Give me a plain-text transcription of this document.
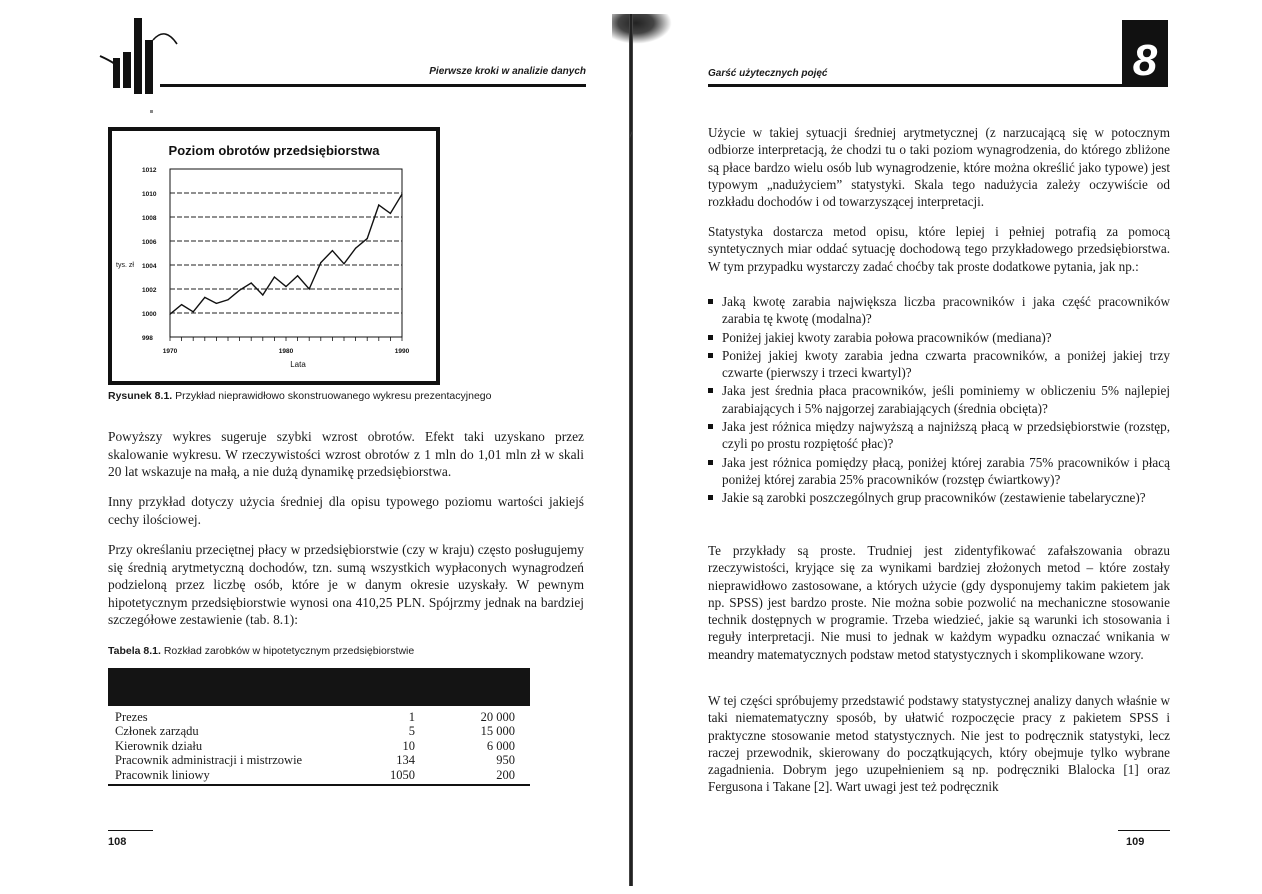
Pierwsze kroki w analizie danych
Poziom obrotów przedsiębiorstwa
998
1000
1002
1004
1006
1008
1010
1012
1970	1980	1990
tys. zł
Lata
Rysunek 8.1. Przykład nieprawidłowo skonstruowanego wykresu prezentacyjnego

Powyższy wykres sugeruje szybki wzrost obrotów. Efekt taki uzyskano przez skalowanie wykresu. W rzeczywistości wzrost obrotów z 1 mln do 1,01 mln zł w skali 20 lat wskazuje na małą, a nie dużą dynamikę przedsiębiorstwa.

Inny przykład dotyczy użycia średniej dla opisu typowego poziomu wartości jakiejś cechy ilościowej.

Przy określaniu przeciętnej płacy w przedsiębiorstwie (czy w kraju) często posługujemy się średnią arytmetyczną dochodów, tzn. sumą wszystkich wypłaconych wynagrodzeń podzieloną przez liczbę osób, które je w danym okresie uzyskały. W pewnym hipotetycznym przedsiębiorstwie wynosi ona 410,25 PLN. Spójrzmy jednak na bardziej szczegółowe zestawienie (tab. 8.1):

Tabela 8.1. Rozkład zarobków w hipotetycznym przedsiębiorstwie
Prezes	1	20 000
Członek zarządu	5	15 000
Kierownik działu	10	6 000
Pracownik administracji i mistrzowie	134	950
Pracownik liniowy	1050	200
108
/
Garść użytecznych pojęć	8

Użycie w takiej sytuacji średniej arytmetycznej (z narzucającą się w potocznym odbiorze interpretacją, że chodzi tu o taki poziom wynagrodzenia, do którego zbliżone są płace bardzo wielu osób lub wynagrodzenie, które można określić jako typowe) jest typowym „nadużyciem” statystyki. Skala tego nadużycia zależy oczywiście od rozkładu dochodów i od towarzyszącej interpretacji.

Statystyka dostarcza metod opisu, które lepiej i pełniej potrafią za pomocą syntetycznych miar oddać sytuację dochodową tego przykładowego przedsiębiorstwa. W tym przypadku wystarczy zadać choćby tak proste dodatkowe pytania, jak np.:

Jaką kwotę zarabia największa liczba pracowników i jaka część pracowników zarabia tę kwotę (modalna)?
Poniżej jakiej kwoty zarabia połowa pracowników (mediana)?
Poniżej jakiej kwoty zarabia jedna czwarta pracowników, a poniżej jakiej trzy czwarte (pierwszy i trzeci kwartyl)?
Jaka jest średnia płaca pracowników, jeśli pominiemy w obliczeniu 5% najlepiej zarabiających i 5% najgorzej zarabiających (średnia obcięta)?
Jaka jest różnica między najwyższą a najniższą płacą w przedsiębiorstwie (rozstęp, czyli po prostu rozpiętość płac)?
Jaka jest różnica pomiędzy płacą, poniżej której zarabia 75% pracowników i płacą poniżej której zarabia 25% pracowników (rozstęp ćwiartkowy)?
Jakie są zarobki poszczególnych grup pracowników (zestawienie tabelaryczne)?

Te przykłady są proste. Trudniej jest zidentyfikować zafałszowania obrazu rzeczywistości, kryjące się za wynikami bardziej złożonych metod – które zostały nieprawidłowo zastosowane, a których użycie (gdy dysponujemy takim pakietem jak np. SPSS) jest bardzo proste. Nie można sobie pozwolić na mechaniczne stosowanie technik dostępnych w programie. Trzeba wiedzieć, jakie są warunki ich stosowania i reguły interpretacji. Nie musi to jednak w każdym wypadku oznaczać wnikania w meandry matematycznych podstaw metod statystycznych i skomplikowane wzory.

W tej części spróbujemy przedstawić podstawy statystycznej analizy danych właśnie w taki niematematyczny sposób, by ułatwić rozpoczęcie pracy z pakietem SPSS i praktyczne stosowanie metod statystycznych. Nie jest to podręcznik statystyki, lecz raczej przewodnik, skierowany do początkujących, który obejmuje tylko wybrane zagadnienia. Dobrym jego uzupełnieniem są np. podręczniki Blalocka [1] oraz Fergusona i Takane [2]. Wart uwagi jest też podręcznik

109
